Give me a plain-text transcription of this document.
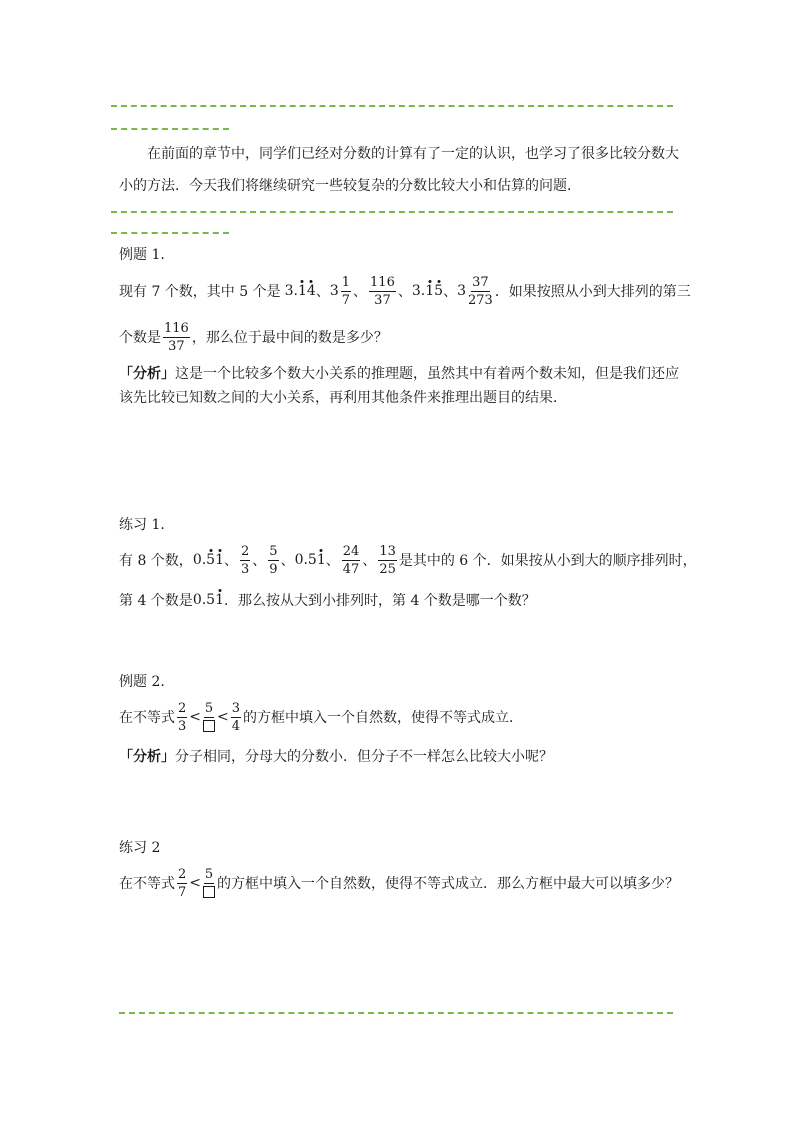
在前面的章节中，同学们已经对分数的计算有了一定的认识，也学习了很多比较分数大小的方法．今天我们将继续研究一些较复杂的分数比较大小和估算的问题．
例题 1.
现有 7 个数，其中 5 个是 3.14 、 $3 \frac{1}{7}$ 、 $\frac{116}{37}$ 、 3.15 、 $3 \frac{37}{273}$ ．如果按照从小到大排列的第三
个数是 $\frac{116}{37}$ ，那么位于最中间的数是多少？
「分析」这是一个比较多个数大小关系的推理题，虽然其中有着两个数未知，但是我们还应该先比较已知数之间的大小关系，再利用其他条件来推理出题目的结果．
练习 1.
有 8 个数， 0.51 、 $\frac{2}{3}$ 、 $\frac{5}{9}$ 、 0.51 、 $\frac{24}{47}$ 、 $\frac{13}{25}$ 是其中的 6 个．如果按从小到大的顺序排列时，
第 4 个数是 0.51 ．那么按从大到小排列时，第 4 个数是哪一个数？
例题 2.
在不等式 $\frac{2}{3}$ <
5
< $\frac{3}{4}$ 的方框中填入一个自然数，使得不等式成立．
「分析」分子相同，分母大的分数小．但分子不一样怎么比较大小呢？
练习 2
在不等式 $\frac{2}{7}$ <
5
的方框中填入一个自然数，使得不等式成立．那么方框中最大可以填多少？
